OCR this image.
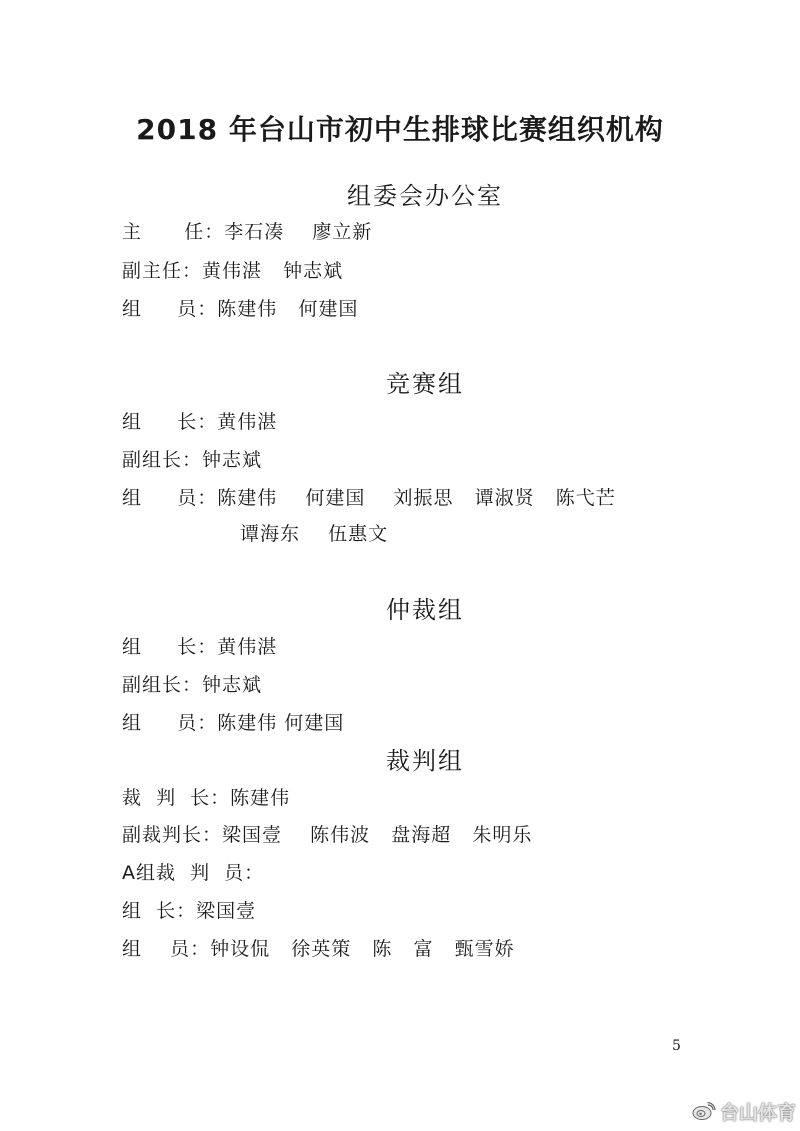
2018 年台山市初中生排球比赛组织机构
组委会办公室
主      任：李石凑    廖立新
副主任：黄伟湛   钟志斌
组     员：陈建伟   何建国
竞赛组
组     长：黄伟湛
副组长：钟志斌
组     员：陈建伟    何建国    刘振思   谭淑贤   陈弋芒
谭海东    伍惠文
仲裁组
组     长：黄伟湛
副组长：钟志斌
组     员：陈建伟 何建国
裁判组
裁  判  长：陈建伟
副裁判长：梁国壹    陈伟波   盘海超   朱明乐
A组裁  判  员：
组  长：梁国壹
组    员：钟设侃   徐英策   陈   富   甄雪娇
5
台山体育
